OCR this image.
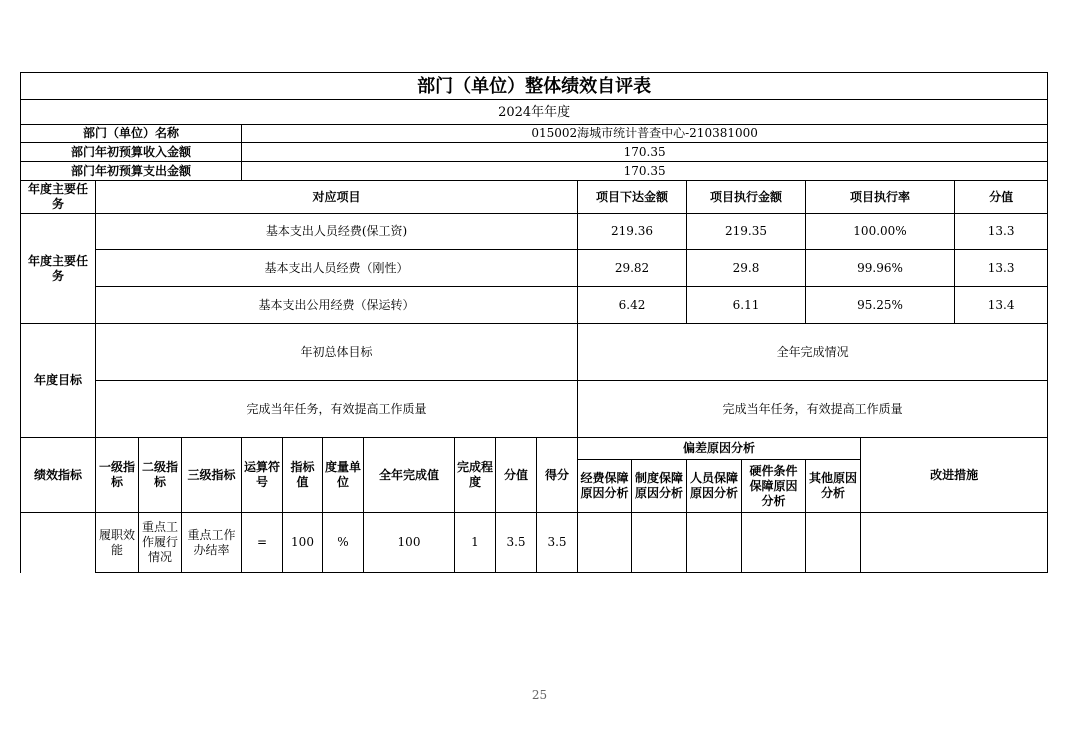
部门（单位）整体绩效自评表																		
2024年年度																		
部门（单位）名称				015002海城市统计普查中心-210381000														
部门年初预算收入金额				170.35														
部门年初预算支出金额				170.35														
年度主要任务	对应项目										项目下达金额		项目执行金额		项目执行率		分值	
年度主要任务	基本支出人员经费(保工资)										219.36		219.35		100.00%		13.3	
	基本支出人员经费（刚性）										29.82		29.8		99.96%		13.3	
	基本支出公用经费（保运转）										6.42		6.11		95.25%		13.4	
年度目标	年初总体目标										全年完成情况							
	完成当年任务，有效提高工作质量										完成当年任务，有效提高工作质量							
绩效指标	一级指标	二级指标	三级指标	运算符号	指标值	度量单位	全年完成值	完成程度	分值	得分	偏差原因分析					改进措施		
											经费保障原因分析	制度保障原因分析	人员保障原因分析	硬件条件保障原因分析	其他原因分析			
	履职效能	重点工作履行情况	重点工作办结率	=	100	%	100	1	3.5	3.5								
25
